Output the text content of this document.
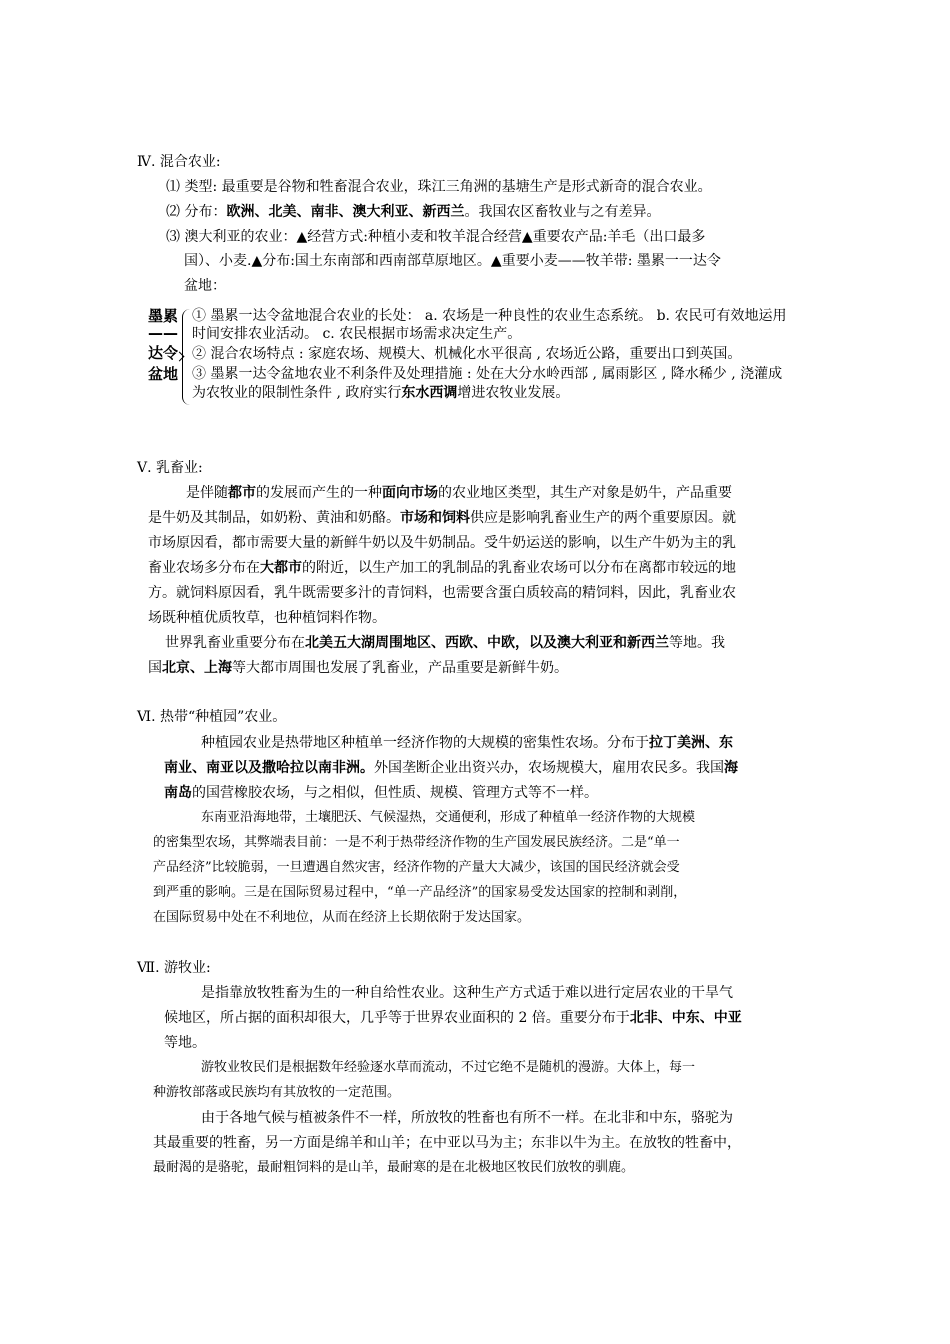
Ⅳ. 混合农业:
⑴ 类型: 最重要是谷物和牲畜混合农业，珠江三角洲的基塘生产是形式新奇的混合农业。
⑵ 分布：欧洲、北美、南非、澳大利亚、新西兰。我国农区畜牧业与之有差异。
⑶ 澳大利亚的农业：▲经营方式:种植小麦和牧羊混合经营▲重要农产品:羊毛（出口最多
国）、小麦.▲分布:国土东南部和西南部草原地区。▲重要小麦——牧羊带: 墨累一一达令
盆地：
墨累
——
达令
盆地
① 墨累一达令盆地混合农业的长处： a. 农场是一种良性的农业生态系统。 b. 农民可有效地运用
时间安排农业活动。 c. 农民根据市场需求决定生产。
② 混合农场特点 : 家庭农场、规模大、机械化水平很高 , 农场近公路，重要出口到英国。
③ 墨累一达令盆地农业不利条件及处理措施 : 处在大分水岭西部 , 属雨影区 , 降水稀少 , 浇灌成
为农牧业的限制性条件 , 政府实行东水西调增进农牧业发展。
Ⅴ. 乳畜业:
是伴随都市的发展而产生的一种面向市场的农业地区类型，其生产对象是奶牛，产品重要
是牛奶及其制品，如奶粉、黄油和奶酪。市场和饲料供应是影响乳畜业生产的两个重要原因。就
市场原因看，都市需要大量的新鲜牛奶以及牛奶制品。受牛奶运送的影响，以生产牛奶为主的乳
畜业农场多分布在大都市的附近，以生产加工的乳制品的乳畜业农场可以分布在离都市较远的地
方。就饲料原因看，乳牛既需要多汁的青饲料，也需要含蛋白质较高的精饲料，因此，乳畜业农
场既种植优质牧草，也种植饲料作物。
世界乳畜业重要分布在北美五大湖周围地区、西欧、中欧，以及澳大利亚和新西兰等地。我
国北京、上海等大都市周围也发展了乳畜业，产品重要是新鲜牛奶。
Ⅵ. 热带“种植园”农业。
种植园农业是热带地区种植单一经济作物的大规模的密集性农场。分布于拉丁美洲、东
南业、南亚以及撒哈拉以南非洲。外国垄断企业出资兴办，农场规模大，雇用农民多。我国海
南岛的国营橡胶农场，与之相似，但性质、规模、管理方式等不一样。
东南亚沿海地带，土壤肥沃、气候湿热，交通便利，形成了种植单一经济作物的大规模
的密集型农场，其弊端表目前：一是不利于热带经济作物的生产国发展民族经济。二是“单一
产品经济”比较脆弱，一旦遭遇自然灾害，经济作物的产量大大减少，该国的国民经济就会受
到严重的影响。三是在国际贸易过程中，“单一产品经济”的国家易受发达国家的控制和剥削，
在国际贸易中处在不利地位，从而在经济上长期依附于发达国家。
Ⅶ. 游牧业:
是指靠放牧牲畜为生的一种自给性农业。这种生产方式适于难以进行定居农业的干旱气
候地区，所占据的面积却很大，几乎等于世界农业面积的 2 倍。重要分布于北非、中东、中亚
等地。
游牧业牧民们是根据数年经验逐水草而流动，不过它绝不是随机的漫游。大体上，每一
种游牧部落或民族均有其放牧的一定范围。
由于各地气候与植被条件不一样，所放牧的牲畜也有所不一样。在北非和中东，骆驼为
其最重要的牲畜，另一方面是绵羊和山羊；在中亚以马为主；东非以牛为主。在放牧的牲畜中，
最耐渴的是骆驼，最耐粗饲料的是山羊，最耐寒的是在北极地区牧民们放牧的驯鹿。
